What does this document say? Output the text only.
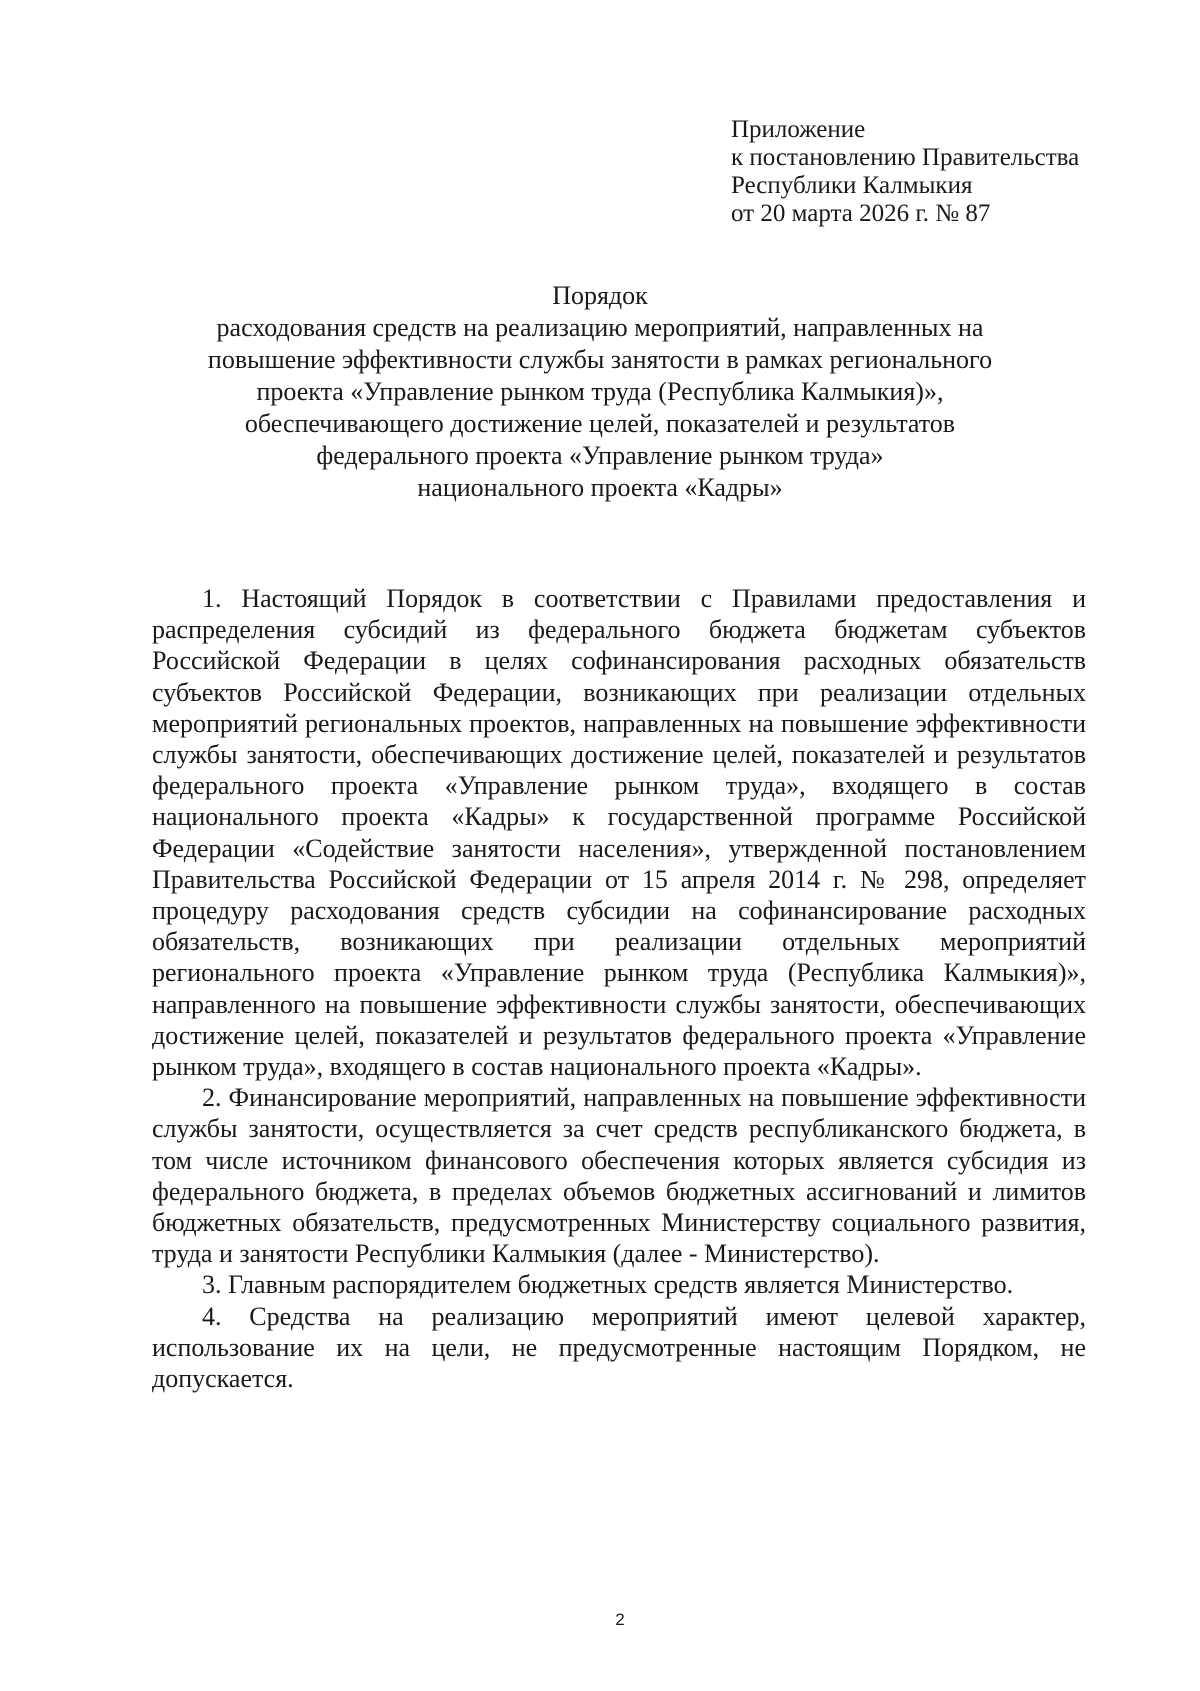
Приложение
к постановлению Правительства
Республики Калмыкия
от 20 марта 2026 г. № 87
Порядок
расходования средств на реализацию мероприятий, направленных на
повышение эффективности службы занятости в рамках регионального
проекта «Управление рынком труда (Республика Калмыкия)»,
обеспечивающего достижение целей, показателей и результатов
федерального проекта «Управление рынком труда»
национального проекта «Кадры»

1. Настоящий Порядок в соответствии с Правилами предоставления и распределения субсидий из федерального бюджета бюджетам субъектов Российской Федерации в целях софинансирования расходных обязательств субъектов Российской Федерации, возникающих при реализации отдельных мероприятий региональных проектов, направленных на повышение эффективности службы занятости, обеспечивающих достижение целей, показателей и результатов федерального проекта «Управление рынком труда», входящего в состав национального проекта «Кадры» к государственной программе Российской Федерации «Содействие занятости населения», утвержденной постановлением Правительства Российской Федерации от 15 апреля 2014 г. № 298, определяет процедуру расходования средств субсидии на софинансирование расходных обязательств, возникающих при реализации отдельных мероприятий регионального проекта «Управление рынком труда (Республика Калмыкия)», направленного на повышение эффективности службы занятости, обеспечивающих достижение целей, показателей и результатов федерального проекта «Управление рынком труда», входящего в состав национального проекта «Кадры».

2. Финансирование мероприятий, направленных на повышение эффективности службы занятости, осуществляется за счет средств республиканского бюджета, в том числе источником финансового обеспечения которых является субсидия из федерального бюджета, в пределах объемов бюджетных ассигнований и лимитов бюджетных обязательств, предусмотренных Министерству социального развития, труда и занятости Республики Калмыкия (далее - Министерство).

3. Главным распорядителем бюджетных средств является Министерство.

4. Средства на реализацию мероприятий имеют целевой характер, использование их на цели, не предусмотренные настоящим Порядком, не допускается.

2
